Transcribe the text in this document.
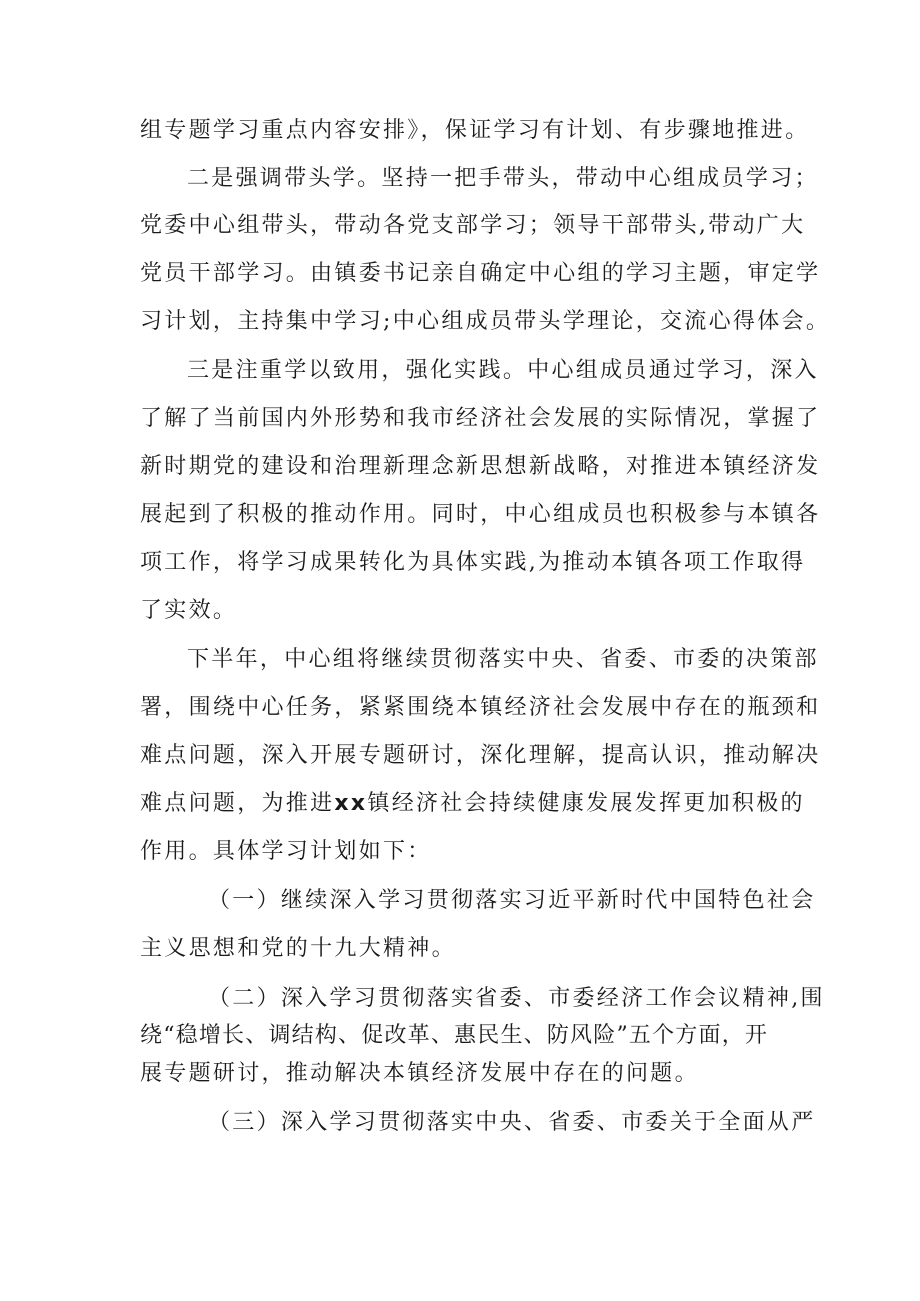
组专题学习重点内容安排》，保证学习有计划、有步骤地推进。
二是强调带头学。坚持一把手带头，带动中心组成员学习；
党委中心组带头，带动各党支部学习；领导干部带头,带动广大
党员干部学习。由镇委书记亲自确定中心组的学习主题，审定学
习计划，主持集中学习;中心组成员带头学理论，交流心得体会。
三是注重学以致用，强化实践。中心组成员通过学习，深入
了解了当前国内外形势和我市经济社会发展的实际情况，掌握了
新时期党的建设和治理新理念新思想新战略，对推进本镇经济发
展起到了积极的推动作用。同时，中心组成员也积极参与本镇各
项工作，将学习成果转化为具体实践,为推动本镇各项工作取得
了实效。
下半年，中心组将继续贯彻落实中央、省委、市委的决策部
署，围绕中心任务，紧紧围绕本镇经济社会发展中存在的瓶颈和
难点问题，深入开展专题研讨，深化理解，提高认识，推动解决
难点问题，为推进xx镇经济社会持续健康发展发挥更加积极的
作用。具体学习计划如下：
（一）继续深入学习贯彻落实习近平新时代中国特色社会
主义思想和党的十九大精神。
（二）深入学习贯彻落实省委、市委经济工作会议精神,围
绕“稳增长、调结构、促改革、惠民生、防风险”五个方面，开
展专题研讨，推动解决本镇经济发展中存在的问题。
（三）深入学习贯彻落实中央、省委、市委关于全面从严
